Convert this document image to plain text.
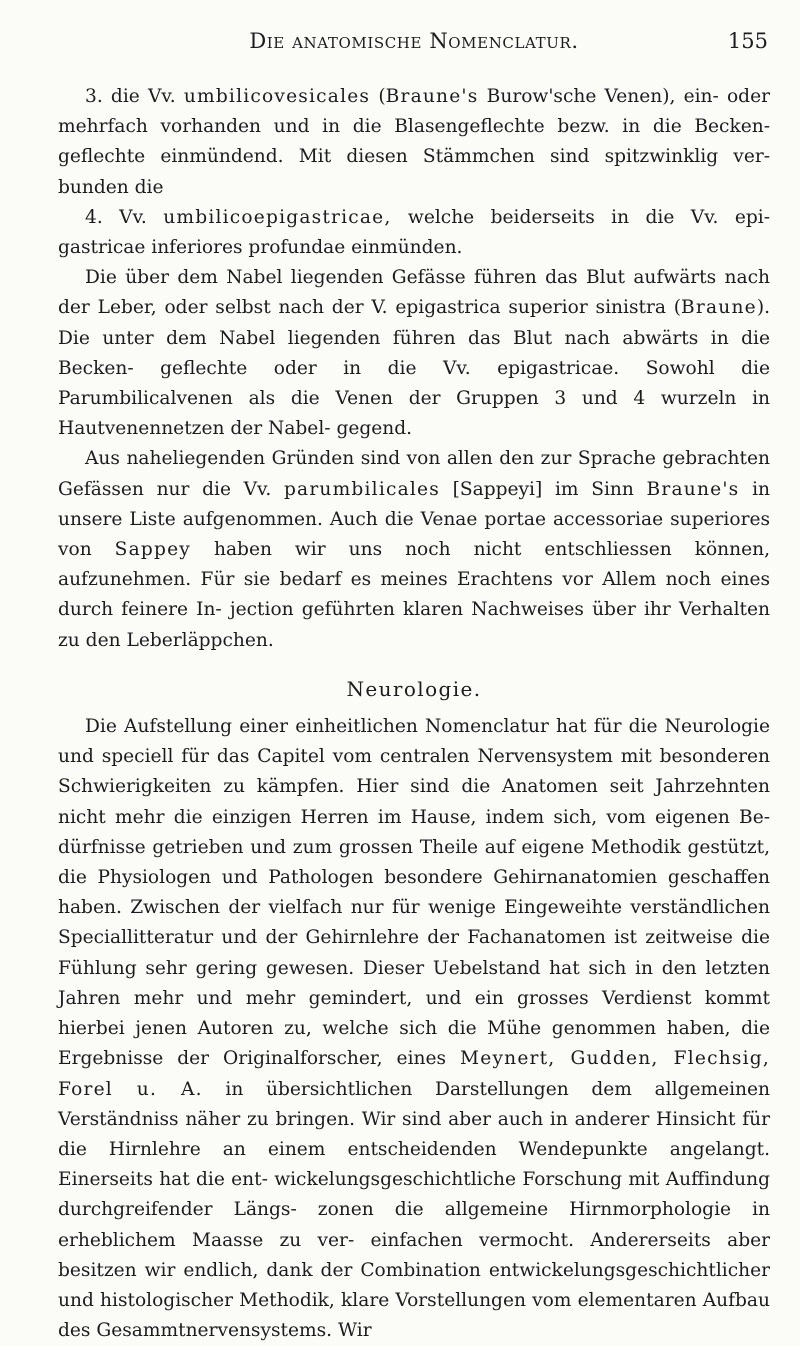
Die anatomische Nomenclatur.	155

3. die Vv. umbilicovesicales (Braune's Burow'sche Venen), ein- oder mehrfach vorhanden und in die Blasengeflechte bezw. in die Becken- geflechte einmündend. Mit diesen Stämmchen sind spitzwinklig ver- bunden die

4. Vv. umbilicoepigastricae, welche beiderseits in die Vv. epi- gastricae inferiores profundae einmünden.

Die über dem Nabel liegenden Gefässe führen das Blut aufwärts nach der Leber, oder selbst nach der V. epigastrica superior sinistra (Braune). Die unter dem Nabel liegenden führen das Blut nach abwärts in die Becken- geflechte oder in die Vv. epigastricae. Sowohl die Parumbilicalvenen als die Venen der Gruppen 3 und 4 wurzeln in Hautvenennetzen der Nabel- gegend.

Aus naheliegenden Gründen sind von allen den zur Sprache gebrachten Gefässen nur die Vv. parumbilicales [Sappeyi] im Sinn Braune's in unsere Liste aufgenommen. Auch die Venae portae accessoriae superiores von Sappey haben wir uns noch nicht entschliessen können, aufzunehmen. Für sie bedarf es meines Erachtens vor Allem noch eines durch feinere In- jection geführten klaren Nachweises über ihr Verhalten zu den Leberläppchen.

Neurologie.

Die Aufstellung einer einheitlichen Nomenclatur hat für die Neurologie und speciell für das Capitel vom centralen Nervensystem mit besonderen Schwierigkeiten zu kämpfen. Hier sind die Anatomen seit Jahrzehnten nicht mehr die einzigen Herren im Hause, indem sich, vom eigenen Be- dürfnisse getrieben und zum grossen Theile auf eigene Methodik gestützt, die Physiologen und Pathologen besondere Gehirnanatomien geschaffen haben. Zwischen der vielfach nur für wenige Eingeweihte verständlichen Speciallitteratur und der Gehirnlehre der Fachanatomen ist zeitweise die Fühlung sehr gering gewesen. Dieser Uebelstand hat sich in den letzten Jahren mehr und mehr gemindert, und ein grosses Verdienst kommt hierbei jenen Autoren zu, welche sich die Mühe genommen haben, die Ergebnisse der Originalforscher, eines Meynert, Gudden, Flechsig, Forel u. A. in übersichtlichen Darstellungen dem allgemeinen Verständniss näher zu bringen. Wir sind aber auch in anderer Hinsicht für die Hirnlehre an einem entscheidenden Wendepunkte angelangt. Einerseits hat die ent- wickelungsgeschichtliche Forschung mit Auffindung durchgreifender Längs- zonen die allgemeine Hirnmorphologie in erheblichem Maasse zu ver- einfachen vermocht. Andererseits aber besitzen wir endlich, dank der Combination entwickelungsgeschichtlicher und histologischer Methodik, klare Vorstellungen vom elementaren Aufbau des Gesammtnervensystems. Wir
